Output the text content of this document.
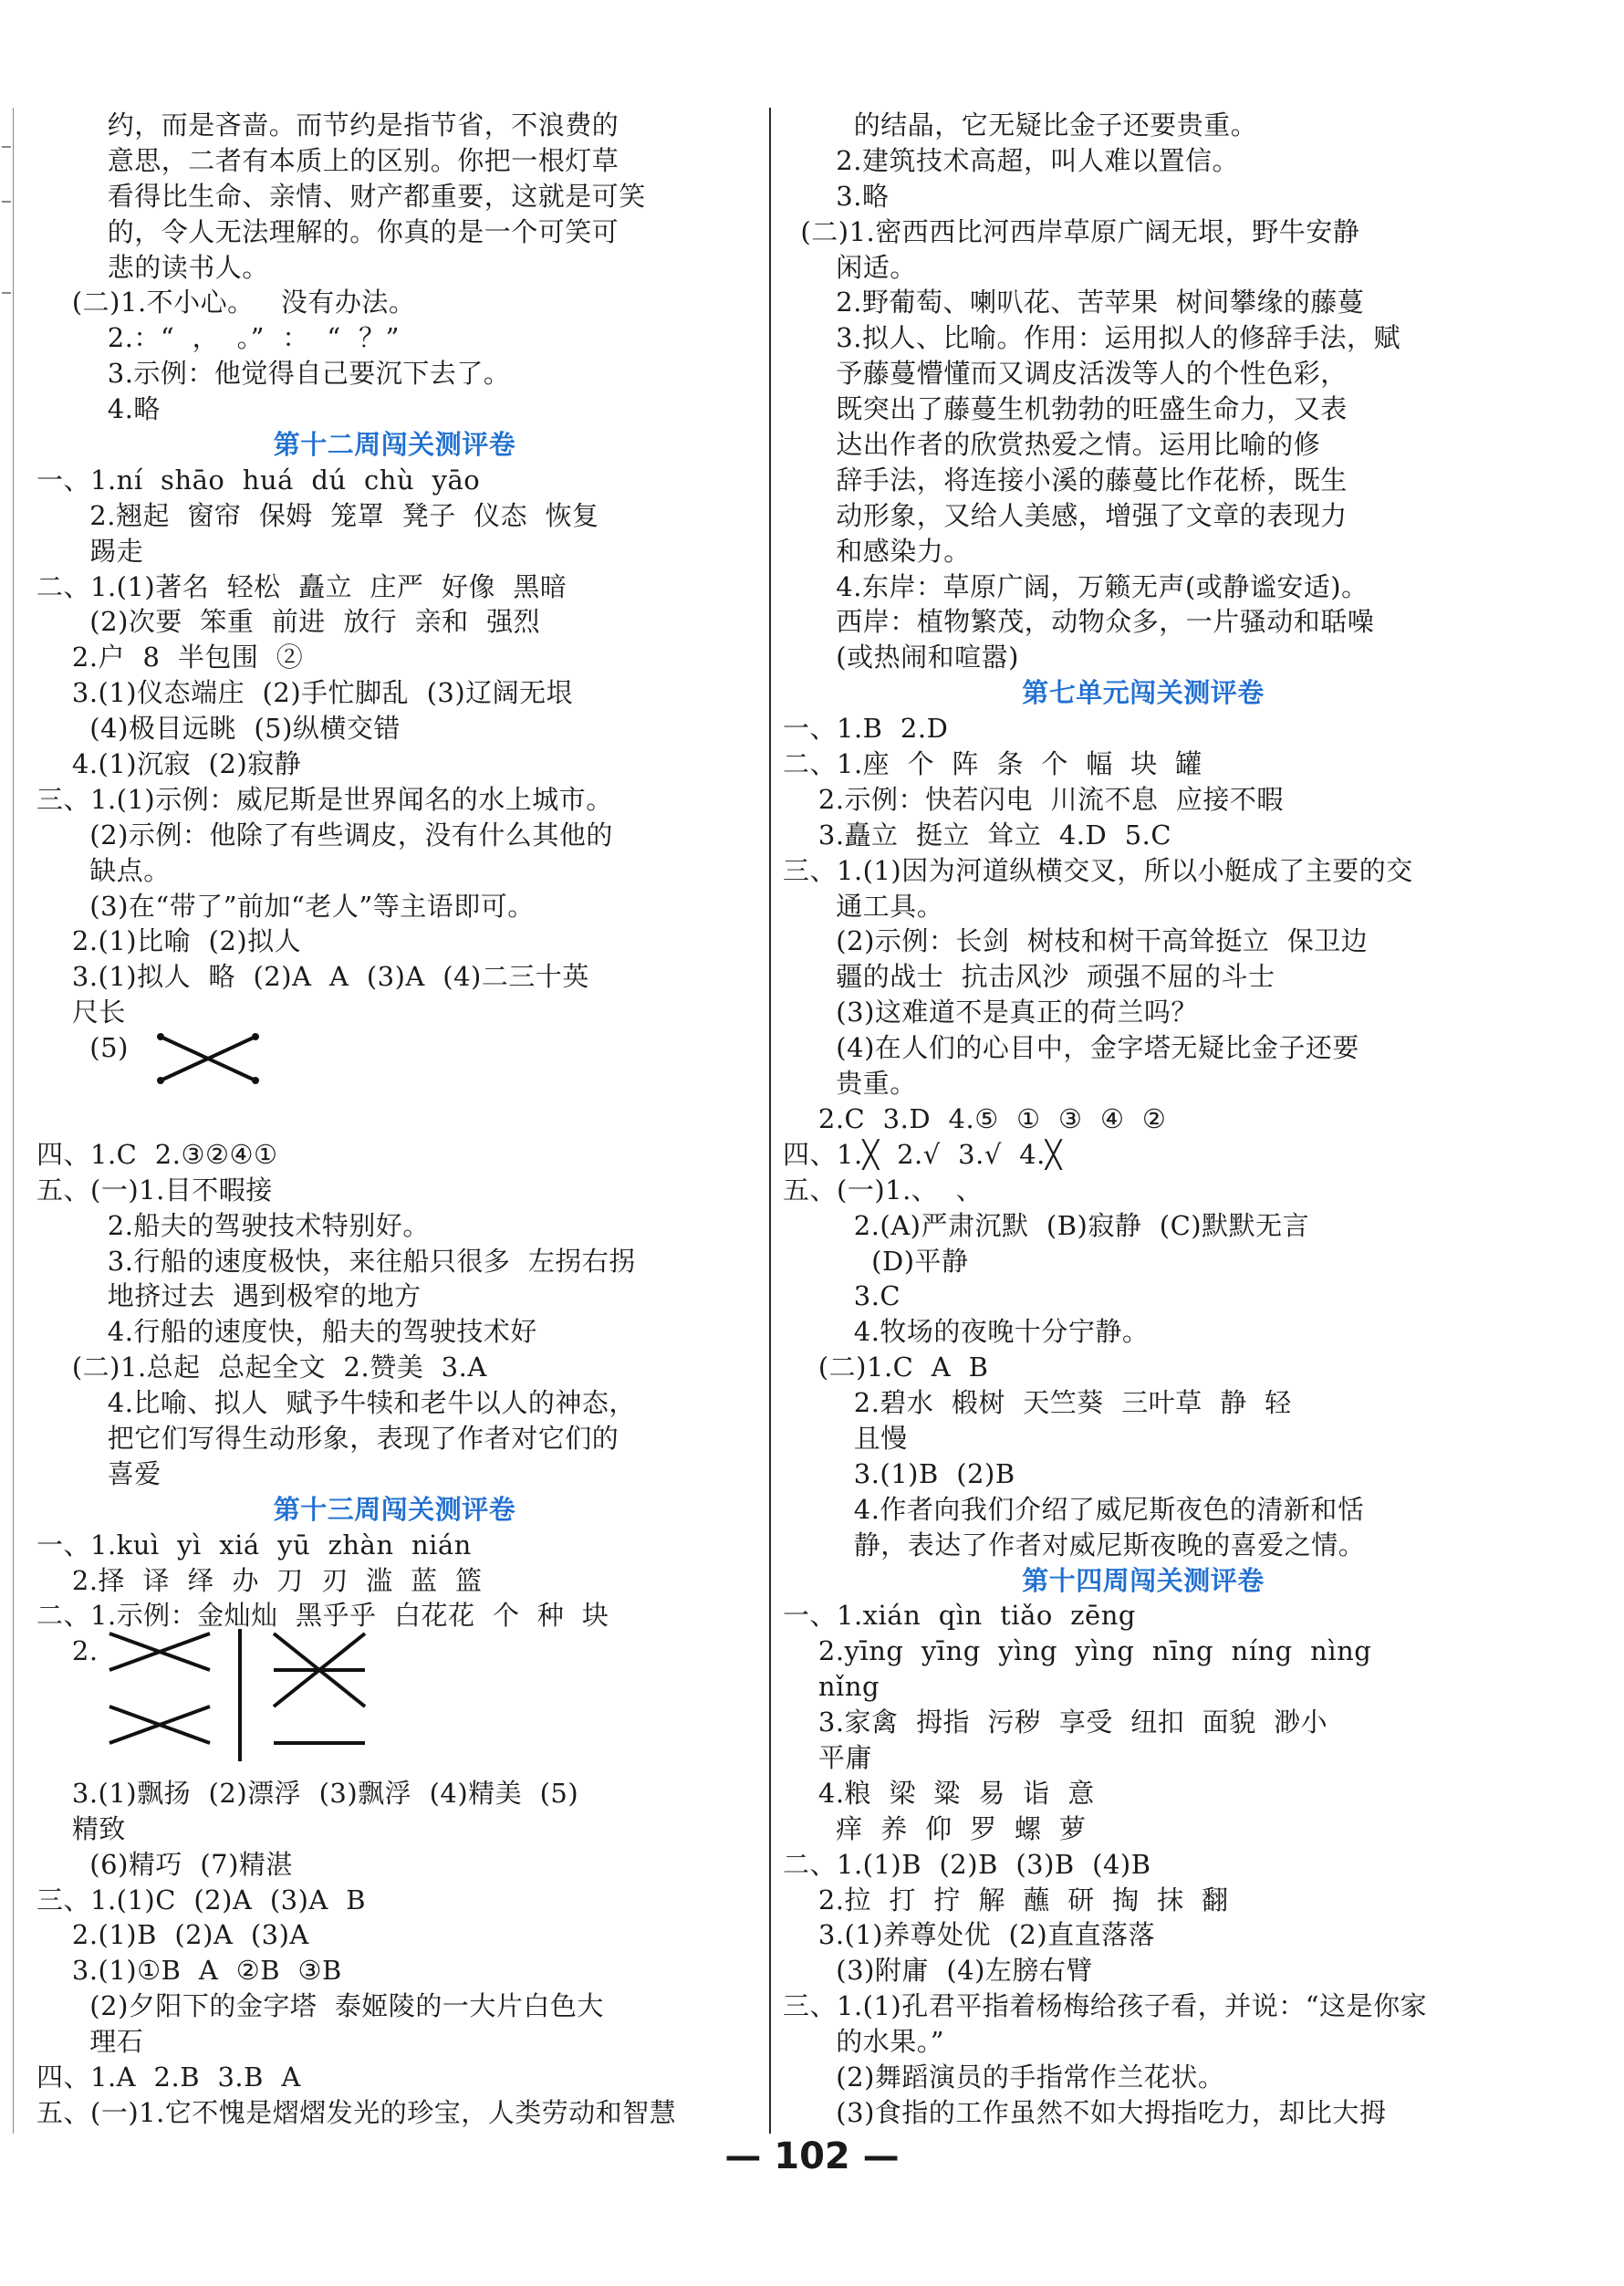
约，而是吝啬。而节约是指节省，不浪费的
意思，二者有本质上的区别。你把一根灯草
看得比生命、亲情、财产都重要，这就是可笑
的，令人无法理解的。你真的是一个可笑可
悲的读书人。
(二)1.不小心。   没有办法。
2.：“  ，  。”  ：  “  ？”
3.示例：他觉得自己要沉下去了。
4.略
第十二周闯关测评卷
一、1.ní  shāo  huá  dú  chù  yāo
2.翘起  窗帘  保姆  笼罩  凳子  仪态  恢复
踢走
二、1.(1)著名  轻松  矗立  庄严  好像  黑暗
(2)次要  笨重  前进  放行  亲和  强烈
2.户  8  半包围  ②
3.(1)仪态端庄  (2)手忙脚乱  (3)辽阔无垠
(4)极目远眺  (5)纵横交错
4.(1)沉寂  (2)寂静
三、1.(1)示例：威尼斯是世界闻名的水上城市。
(2)示例：他除了有些调皮，没有什么其他的
缺点。
(3)在“带了”前加“老人”等主语即可。
2.(1)比喻  (2)拟人
3.(1)拟人  略  (2)A  A  (3)A  (4)二三十英
尺长
(5)
四、1.C  2.③②④①
五、(一)1.目不暇接
2.船夫的驾驶技术特别好。
3.行船的速度极快，来往船只很多  左拐右拐
地挤过去  遇到极窄的地方
4.行船的速度快，船夫的驾驶技术好
(二)1.总起  总起全文  2.赞美  3.A
4.比喻、拟人  赋予牛犊和老牛以人的神态，
把它们写得生动形象，表现了作者对它们的
喜爱
第十三周闯关测评卷
一、1.kuì  yì  xiá  yū  zhàn  nián
2.择  译  绎  办  刀  刃  滥  蓝  篮
二、1.示例：金灿灿  黑乎乎  白花花  个  种  块
2.
3.(1)飘扬  (2)漂浮  (3)飘浮  (4)精美  (5)
精致
(6)精巧  (7)精湛
三、1.(1)C  (2)A  (3)A  B
2.(1)B  (2)A  (3)A
3.(1)①B  A  ②B  ③B
(2)夕阳下的金字塔  泰姬陵的一大片白色大
理石
四、1.A  2.B  3.B  A
五、(一)1.它不愧是熠熠发光的珍宝，人类劳动和智慧
的结晶，它无疑比金子还要贵重。
2.建筑技术高超，叫人难以置信。
3.略
(二)1.密西西比河西岸草原广阔无垠，野牛安静
闲适。
2.野葡萄、喇叭花、苦苹果  树间攀缘的藤蔓
3.拟人、比喻。作用：运用拟人的修辞手法，赋
予藤蔓懵懂而又调皮活泼等人的个性色彩，
既突出了藤蔓生机勃勃的旺盛生命力，又表
达出作者的欣赏热爱之情。运用比喻的修
辞手法，将连接小溪的藤蔓比作花桥，既生
动形象，又给人美感，增强了文章的表现力
和感染力。
4.东岸：草原广阔，万籁无声(或静谧安适)。
西岸：植物繁茂，动物众多，一片骚动和聒噪
(或热闹和喧嚣)
第七单元闯关测评卷
一、1.B  2.D
二、1.座  个  阵  条  个  幅  块  罐
2.示例：快若闪电  川流不息  应接不暇
3.矗立  挺立  耸立  4.D  5.C
三、1.(1)因为河道纵横交叉，所以小艇成了主要的交
通工具。
(2)示例：长剑  树枝和树干高耸挺立  保卫边
疆的战士  抗击风沙  顽强不屈的斗士
(3)这难道不是真正的荷兰吗？
(4)在人们的心目中，金字塔无疑比金子还要
贵重。
2.C  3.D  4.⑤  ①  ③  ④  ②
四、1.╳  2.√  3.√  4.╳
五、(一)1.、  、
2.(A)严肃沉默  (B)寂静  (C)默默无言
(D)平静
3.C
4.牧场的夜晚十分宁静。
(二)1.C  A  B
2.碧水  椴树  天竺葵  三叶草  静  轻
且慢
3.(1)B  (2)B
4.作者向我们介绍了威尼斯夜色的清新和恬
静，表达了作者对威尼斯夜晚的喜爱之情。
第十四周闯关测评卷
一、1.xián  qìn  tiǎo  zēng
2.yīng  yīng  yìng  yìng  nīng  níng  nìng
nǐng
3.家禽  拇指  污秽  享受  纽扣  面貌  渺小
平庸
4.粮  梁  粱  易  诣  意
痒  养  仰  罗  螺  萝
二、1.(1)B  (2)B  (3)B  (4)B
2.拉  打  拧  解  蘸  研  掏  抹  翻
3.(1)养尊处优  (2)直直落落
(3)附庸  (4)左膀右臂
三、1.(1)孔君平指着杨梅给孩子看，并说：“这是你家
的水果。”
(2)舞蹈演员的手指常作兰花状。
(3)食指的工作虽然不如大拇指吃力，却比大拇
— 102 —
